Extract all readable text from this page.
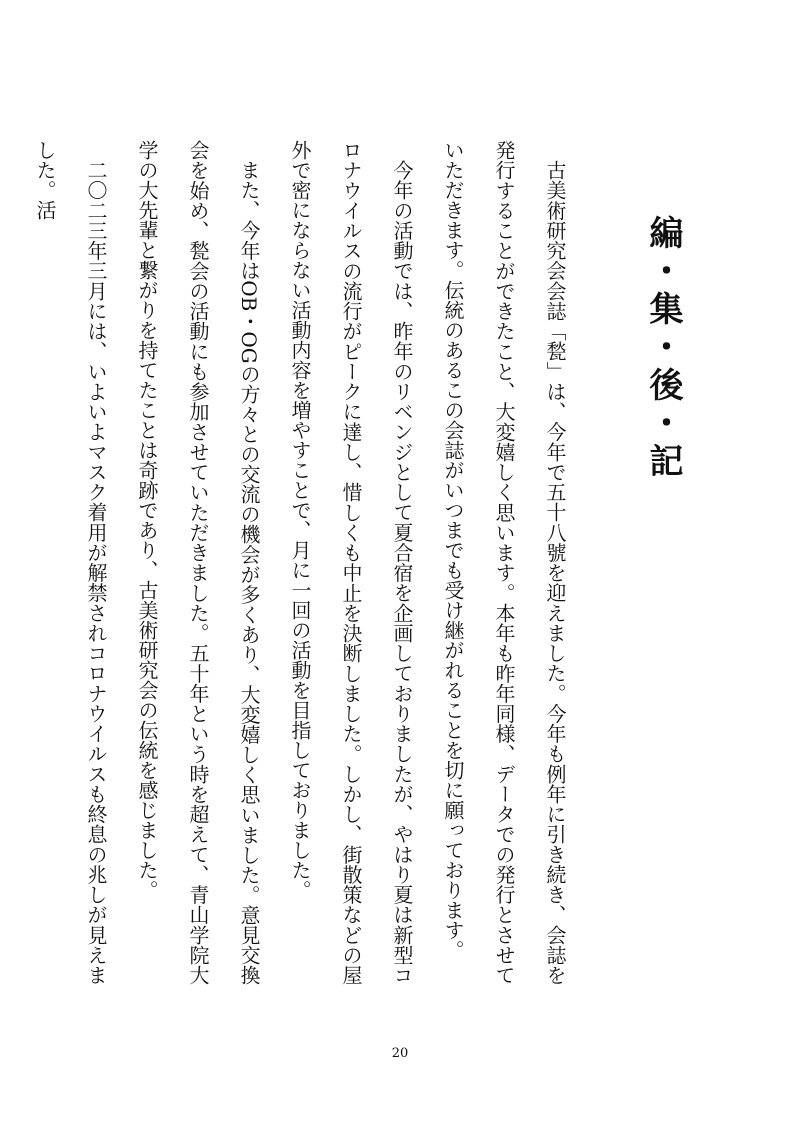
編・集・後・記

古美術研究会会誌「甃」は、今年で五十八號を迎えました。今年も例年に引き続き、会誌を発行することができたこと、大変嬉しく思います。本年も昨年同様、データでの発行とさせていただきます。伝統のあるこの会誌がいつまでも受け継がれることを切に願っております。

今年の活動では、昨年のリベンジとして夏合宿を企画しておりましたが、やはり夏は新型コロナウイルスの流行がピークに達し、惜しくも中止を決断しました。しかし、街散策などの屋外で密にならない活動内容を増やすことで、月に一回の活動を目指しておりました。

また、今年はOB・OGの方々との交流の機会が多くあり、大変嬉しく思いました。意見交換会を始め、甃会の活動にも参加させていただきました。五十年という時を超えて、青山学院大学の大先輩と繋がりを持てたことは奇跡であり、古美術研究会の伝統を感じました。

二〇二三年三月には、いよいよマスク着用が解禁されコロナウイルスも終息の兆しが見えました。活

20
